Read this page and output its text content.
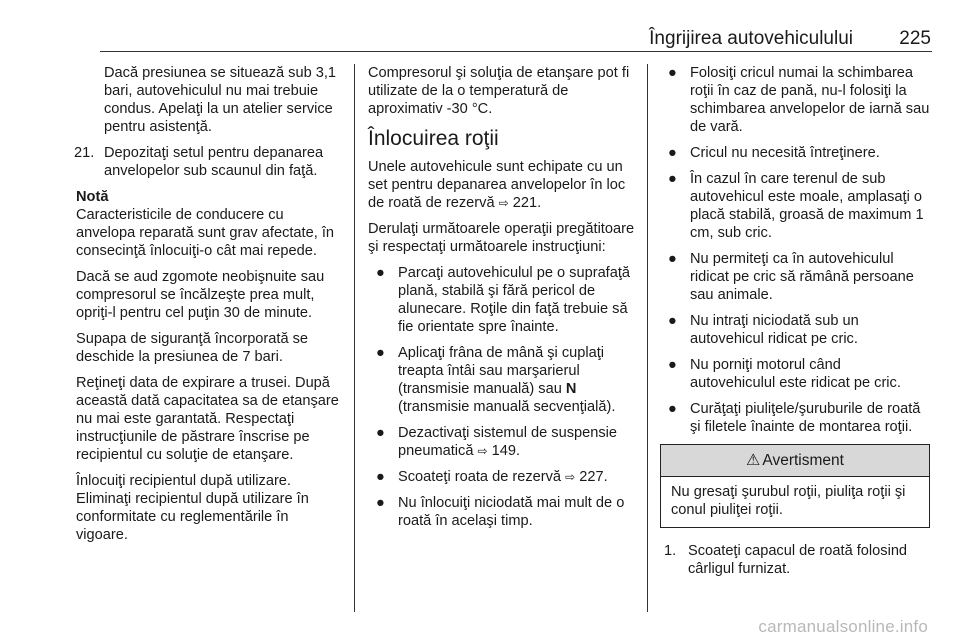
Îngrijirea autovehiculului 225

Dacă presiunea se situează sub 3,1 bari, autovehiculul nu mai trebuie condus. Apelaţi la un atelier service pentru asistenţă.

21. Depozitaţi setul pentru depanarea anvelopelor sub scaunul din faţă.

Notă

Caracteristicile de conducere cu anvelopa reparată sunt grav afectate, în consecinţă înlocuiţi-o cât mai repede.

Dacă se aud zgomote neobişnuite sau compresorul se încălzeşte prea mult, opriţi-l pentru cel puţin 30 de minute.

Supapa de siguranţă încorporată se deschide la presiunea de 7 bari.

Reţineţi data de expirare a trusei. După această dată capacitatea sa de etanşare nu mai este garantată. Respectaţi instrucţiunile de păstrare înscrise pe recipientul cu soluţie de etanşare.

Înlocuiţi recipientul după utilizare. Eliminaţi recipientul după utilizare în conformitate cu reglementările în vigoare.

Compresorul şi soluţia de etanşare pot fi utilizate de la o temperatură de aproximativ -30 °C.

Înlocuirea roţii

Unele autovehicule sunt echipate cu un set pentru depanarea anvelopelor în loc de roată de rezervă ⇨ 221.

Derulaţi următoarele operaţii pregătitoare şi respectaţi următoarele instrucţiuni:

● Parcaţi autovehiculul pe o suprafaţă plană, stabilă şi fără pericol de alunecare. Roţile din faţă trebuie să fie orientate spre înainte.
● Aplicaţi frâna de mână şi cuplaţi treapta întâi sau marşarierul (transmisie manuală) sau N (transmisie manuală secvenţială).
● Dezactivaţi sistemul de suspensie pneumatică ⇨ 149.
● Scoateţi roata de rezervă ⇨ 227.
● Nu înlocuiţi niciodată mai mult de o roată în acelaşi timp.
● Folosiţi cricul numai la schimbarea roţii în caz de pană, nu-l folosiţi la schimbarea anvelopelor de iarnă sau de vară.
● Cricul nu necesită întreţinere.
● În cazul în care terenul de sub autovehicul este moale, amplasaţi o placă stabilă, groasă de maximum 1 cm, sub cric.
● Nu permiteţi ca în autovehiculul ridicat pe cric să rămână persoane sau animale.
● Nu intraţi niciodată sub un autovehicul ridicat pe cric.
● Nu porniţi motorul când autovehiculul este ridicat pe cric.
● Curăţaţi piuliţele/şuruburile de roată şi filetele înainte de montarea roţii.
⚠ Avertisment
Nu gresaţi şurubul roţii, piuliţa roţii şi conul piuliţei roţii.
1. Scoateţi capacul de roată folosind cârligul furnizat.
carmanualsonline.info
